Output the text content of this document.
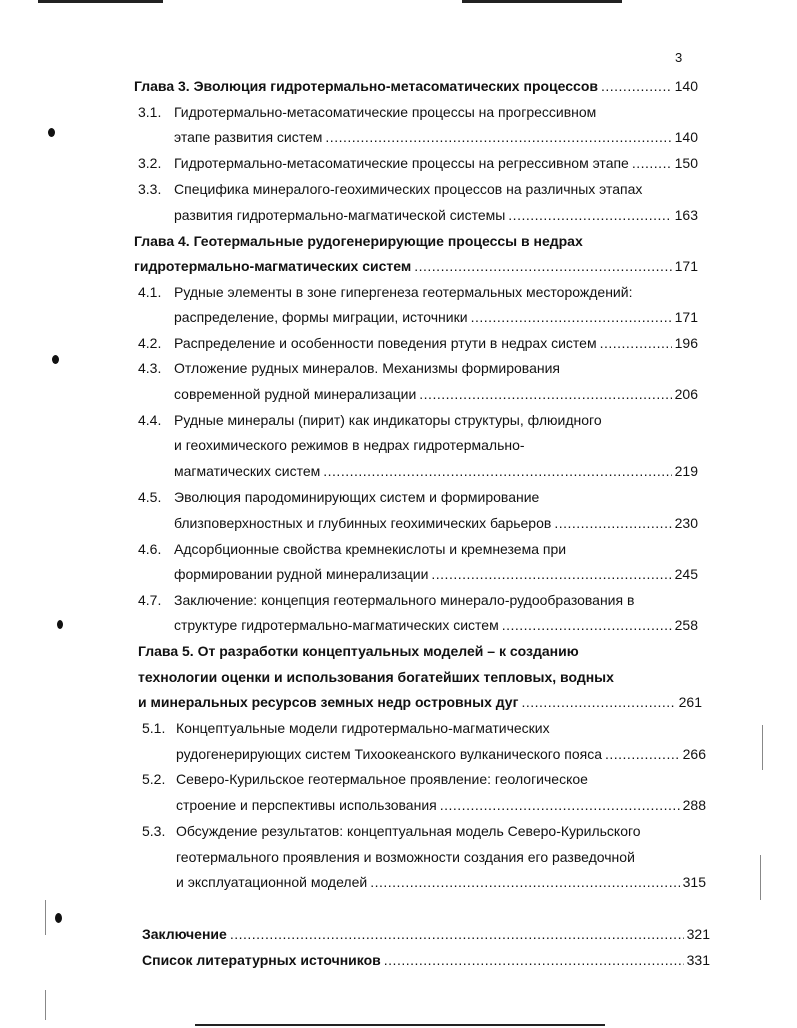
3
Глава 3. Эволюция гидротермально-метасоматических процессов .....	140
3.1. Гидротермально-метасоматические процессы на прогрессивном
этапе развития систем .....	140
3.2. Гидротермально-метасоматические процессы на регрессивном этапе .....	150
3.3. Специфика минералого-геохимических процессов на различных этапах
развития гидротермально-магматической системы .....	163
Глава 4. Геотермальные рудогенерирующие процессы в недрах
гидротермально-магматических систем .....	171
4.1. Рудные элементы в зоне гипергенеза геотермальных месторождений:
распределение, формы миграции, источники .....	171
4.2. Распределение и особенности поведения ртути в недрах систем .....	196
4.3. Отложение рудных минералов. Механизмы формирования
современной рудной минерализации .....	206
4.4. Рудные минералы (пирит) как индикаторы структуры, флюидного
и геохимического режимов в недрах гидротермально-
магматических систем .....	219
4.5. Эволюция пародоминирующих систем и формирование
близповерхностных и глубинных геохимических барьеров .....	230
4.6. Адсорбционные свойства кремнекислоты и кремнезема при
формировании рудной минерализации .....	245
4.7. Заключение: концепция геотермального минерало-рудообразования в
структуре гидротермально-магматических систем .....	258
Глава 5. От разработки концептуальных моделей – к созданию
технологии оценки и использования богатейших тепловых, водных
и минеральных ресурсов земных недр островных дуг .....	261
5.1. Концептуальные модели гидротермально-магматических
рудогенерирующих систем Тихоокеанского вулканического пояса .....	266
5.2. Северо-Курильское геотермальное проявление: геологическое
строение и перспективы использования .....	288
5.3. Обсуждение результатов: концептуальная модель Северо-Курильского
геотермального проявления и возможности создания его разведочной
и эксплуатационной моделей .....	315
Заключение .....	321
Список литературных источников .....	331
